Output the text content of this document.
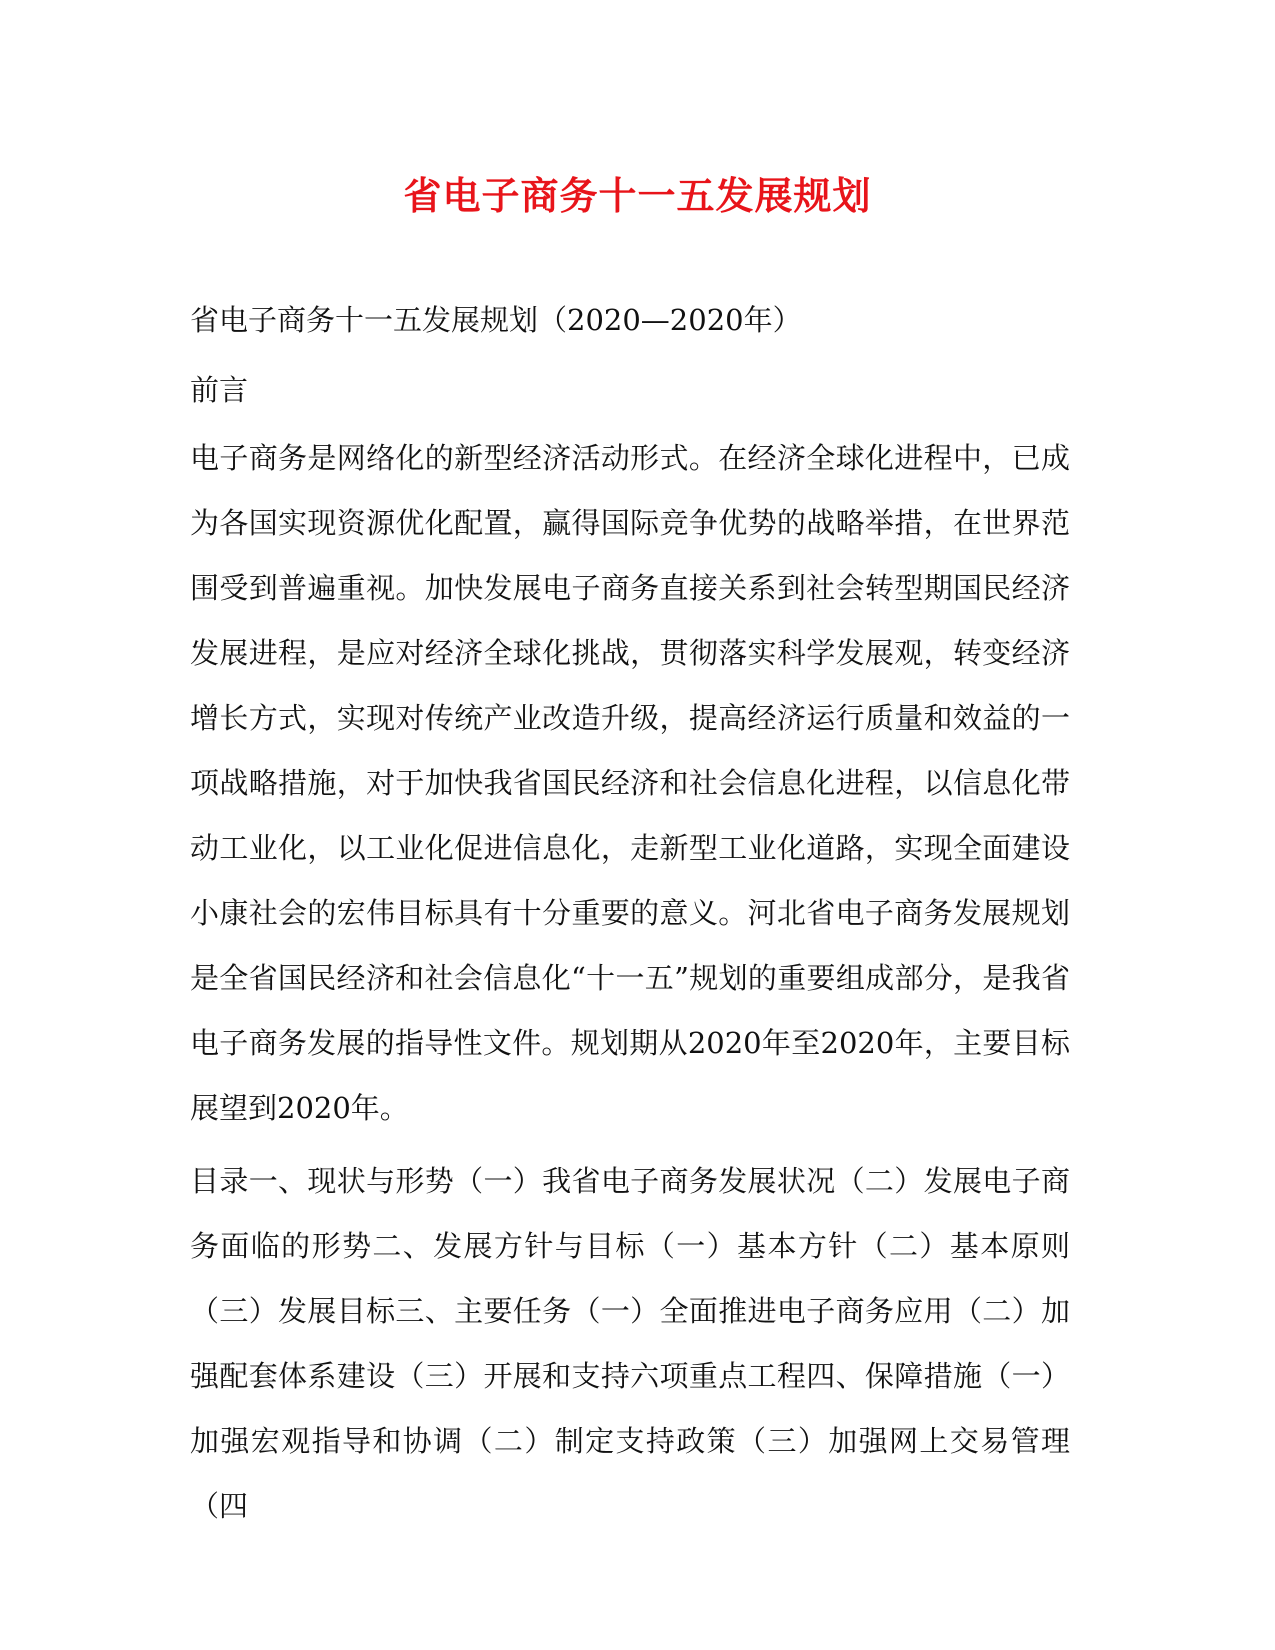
省电子商务十一五发展规划

省电子商务十一五发展规划（2020—2020年）

前言

电子商务是网络化的新型经济活动形式。在经济全球化进程中，已成为各国实现资源优化配置，赢得国际竞争优势的战略举措，在世界范围受到普遍重视。加快发展电子商务直接关系到社会转型期国民经济发展进程，是应对经济全球化挑战，贯彻落实科学发展观，转变经济增长方式，实现对传统产业改造升级，提高经济运行质量和效益的一项战略措施，对于加快我省国民经济和社会信息化进程，以信息化带动工业化，以工业化促进信息化，走新型工业化道路，实现全面建设小康社会的宏伟目标具有十分重要的意义。河北省电子商务发展规划是全省国民经济和社会信息化“十一五”规划的重要组成部分，是我省电子商务发展的指导性文件。规划期从2020年至2020年，主要目标展望到2020年。

目录一、现状与形势（一）我省电子商务发展状况（二）发展电子商务面临的形势二、发展方针与目标（一）基本方针（二）基本原则（三）发展目标三、主要任务（一）全面推进电子商务应用（二）加强配套体系建设（三）开展和支持六项重点工程四、保障措施（一）加强宏观指导和协调（二）制定支持政策（三）加强网上交易管理（四
